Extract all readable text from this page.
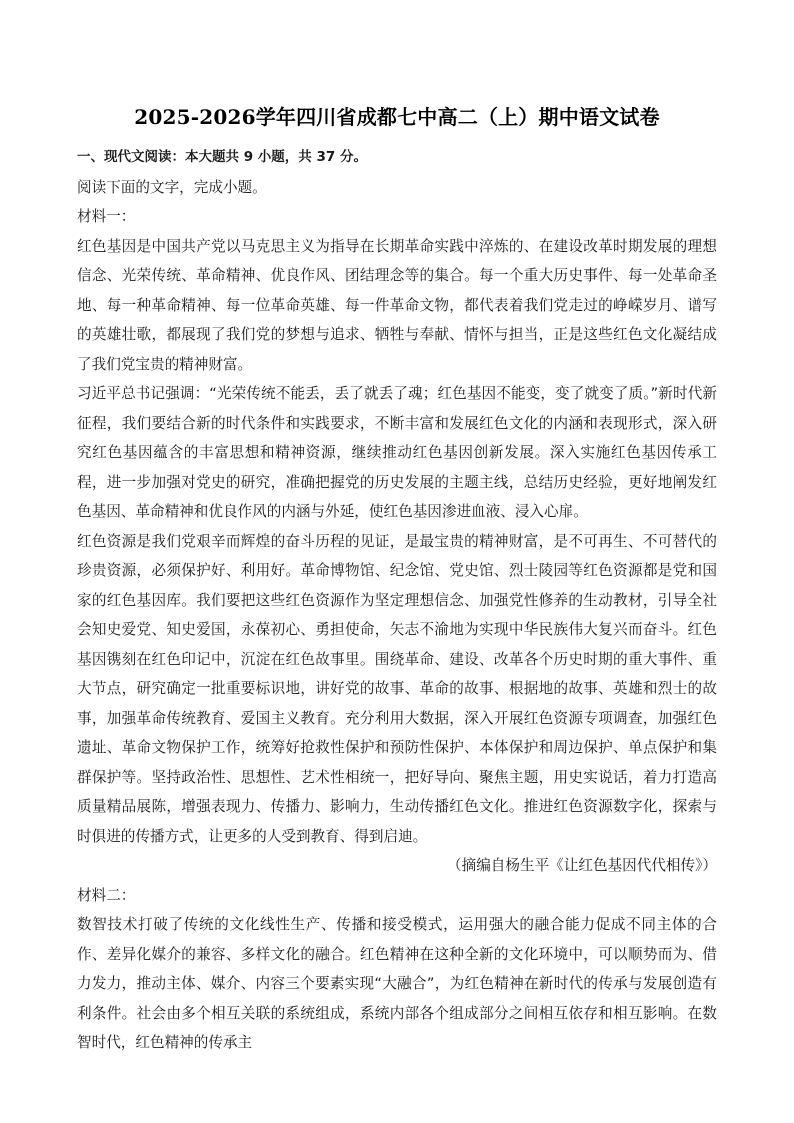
2025-2026学年四川省成都七中高二（上）期中语文试卷

一、现代文阅读：本大题共 9 小题，共 37 分。

阅读下面的文字，完成小题。

材料一：

红色基因是中国共产党以马克思主义为指导在长期革命实践中淬炼的、在建设改革时期发展的理想信念、光荣传统、革命精神、优良作风、团结理念等的集合。每一个重大历史事件、每一处革命圣地、每一种革命精神、每一位革命英雄、每一件革命文物，都代表着我们党走过的峥嵘岁月、谱写的英雄壮歌，都展现了我们党的梦想与追求、牺牲与奉献、情怀与担当，正是这些红色文化凝结成了我们党宝贵的精神财富。

习近平总书记强调：“光荣传统不能丢，丢了就丢了魂；红色基因不能变，变了就变了质。”新时代新征程，我们要结合新的时代条件和实践要求，不断丰富和发展红色文化的内涵和表现形式，深入研究红色基因蕴含的丰富思想和精神资源，继续推动红色基因创新发展。深入实施红色基因传承工程，进一步加强对党史的研究，准确把握党的历史发展的主题主线，总结历史经验，更好地阐发红色基因、革命精神和优良作风的内涵与外延，使红色基因渗进血液、浸入心扉。

红色资源是我们党艰辛而辉煌的奋斗历程的见证，是最宝贵的精神财富，是不可再生、不可替代的珍贵资源，必须保护好、利用好。革命博物馆、纪念馆、党史馆、烈士陵园等红色资源都是党和国家的红色基因库。我们要把这些红色资源作为坚定理想信念、加强党性修养的生动教材，引导全社会知史爱党、知史爱国，永葆初心、勇担使命，矢志不渝地为实现中华民族伟大复兴而奋斗。红色基因镌刻在红色印记中，沉淀在红色故事里。围绕革命、建设、改革各个历史时期的重大事件、重大节点，研究确定一批重要标识地，讲好党的故事、革命的故事、根据地的故事、英雄和烈士的故事，加强革命传统教育、爱国主义教育。充分利用大数据，深入开展红色资源专项调查，加强红色遗址、革命文物保护工作，统筹好抢救性保护和预防性保护、本体保护和周边保护、单点保护和集群保护等。坚持政治性、思想性、艺术性相统一，把好导向、聚焦主题，用史实说话，着力打造高质量精品展陈，增强表现力、传播力、影响力，生动传播红色文化。推进红色资源数字化，探索与时俱进的传播方式，让更多的人受到教育、得到启迪。

（摘编自杨生平《让红色基因代代相传》）

材料二：

数智技术打破了传统的文化线性生产、传播和接受模式，运用强大的融合能力促成不同主体的合作、差异化媒介的兼容、多样文化的融合。红色精神在这种全新的文化环境中，可以顺势而为、借力发力，推动主体、媒介、内容三个要素实现“大融合”，为红色精神在新时代的传承与发展创造有利条件。社会由多个相互关联的系统组成，系统内部各个组成部分之间相互依存和相互影响。在数智时代，红色精神的传承主
